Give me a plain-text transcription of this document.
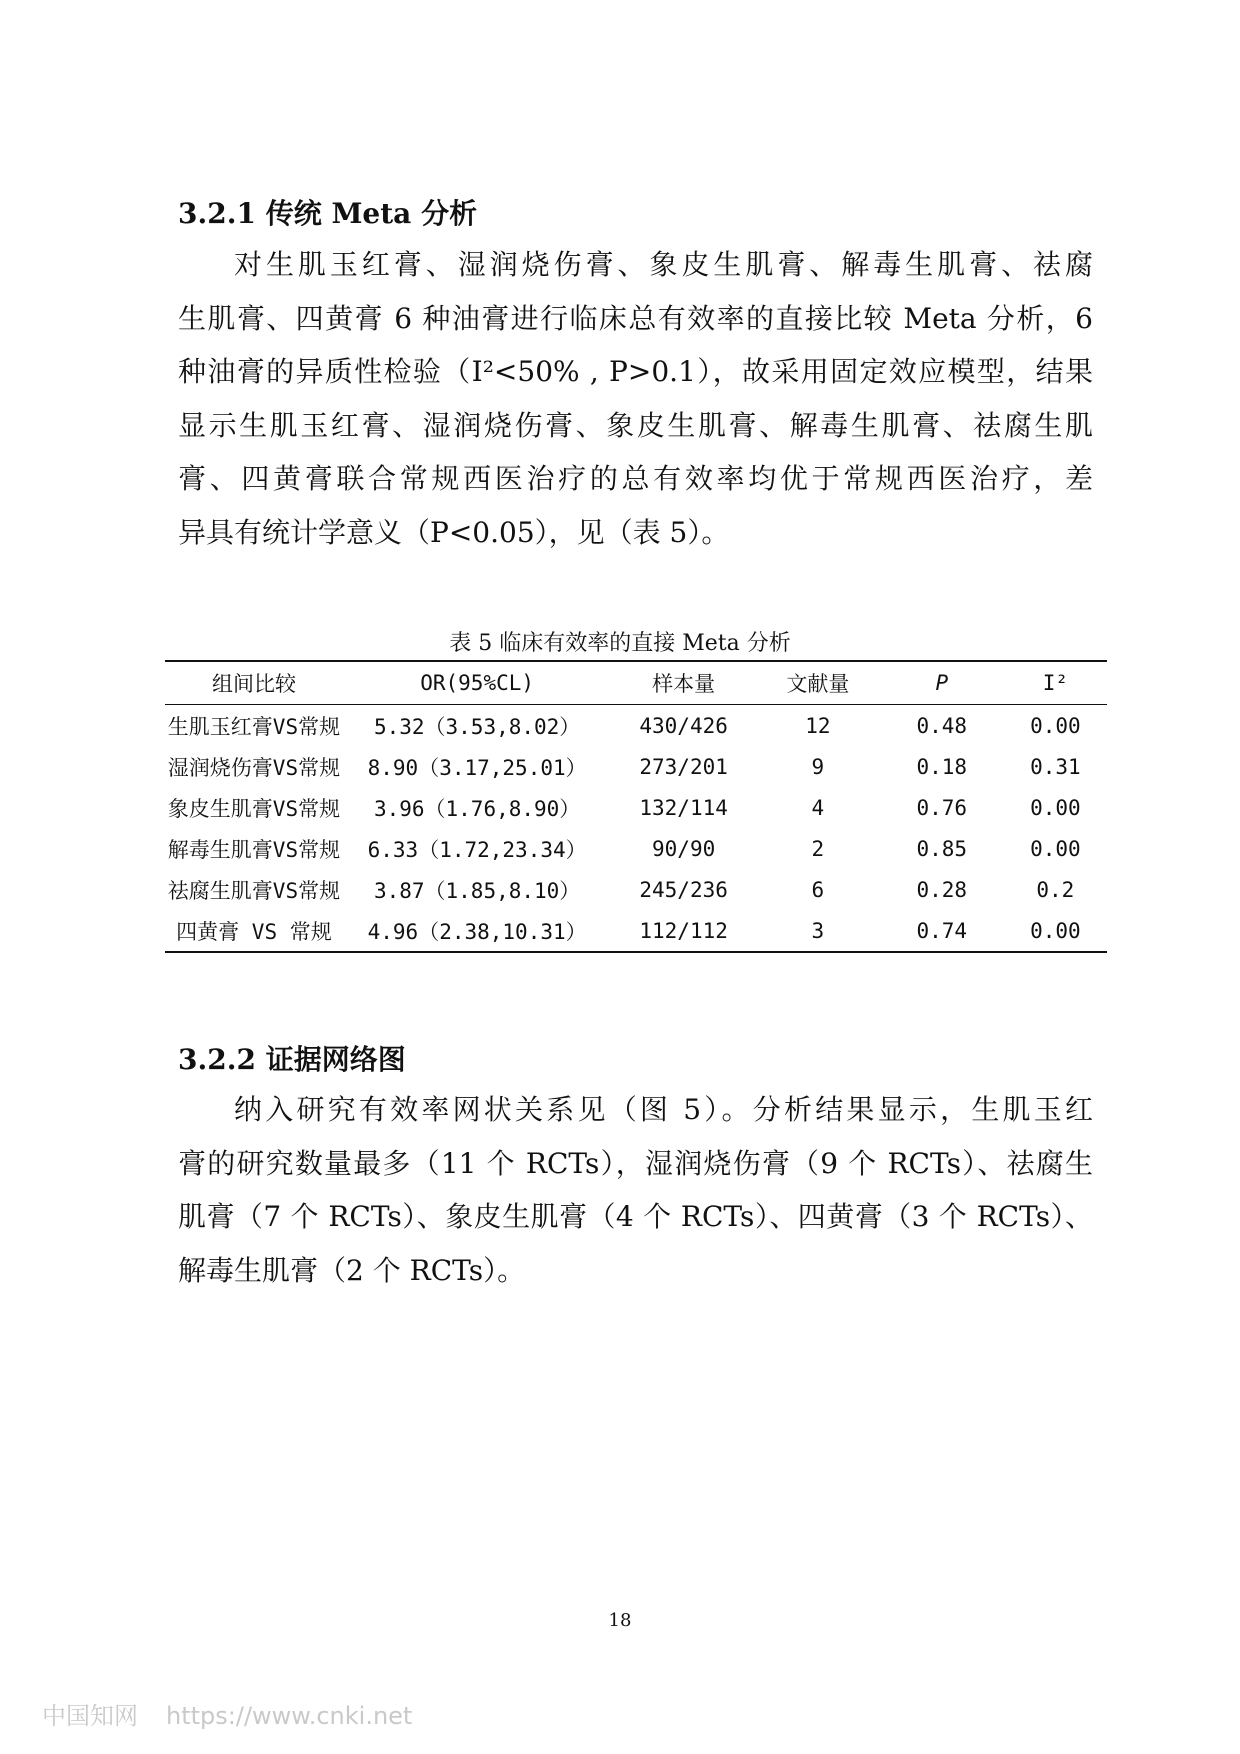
3.2.1 传统 Meta 分析
对生肌玉红膏、湿润烧伤膏、象皮生肌膏、解毒生肌膏、祛腐
生肌膏、四黄膏 6 种油膏进行临床总有效率的直接比较 Meta 分析，6
种油膏的异质性检验（I²<50% , P>0.1），故采用固定效应模型，结果
显示生肌玉红膏、湿润烧伤膏、象皮生肌膏、解毒生肌膏、祛腐生肌
膏、四黄膏联合常规西医治疗的总有效率均优于常规西医治疗，差
异具有统计学意义（P<0.05），见（表 5）。
表 5 临床有效率的直接 Meta 分析
组间比较	OR(95%CL)	样本量	文献量	P	I²
生肌玉红膏VS常规	5.32（3.53,8.02）	430/426	12	0.48	0.00
湿润烧伤膏VS常规	8.90（3.17,25.01）	273/201	9	0.18	0.31
象皮生肌膏VS常规	3.96（1.76,8.90）	132/114	4	0.76	0.00
解毒生肌膏VS常规	6.33（1.72,23.34）	90/90	2	0.85	0.00
祛腐生肌膏VS常规	3.87（1.85,8.10）	245/236	6	0.28	0.2
四黄膏 VS 常规	4.96（2.38,10.31）	112/112	3	0.74	0.00
3.2.2 证据网络图
纳入研究有效率网状关系见（图 5）。分析结果显示，生肌玉红
膏的研究数量最多（11 个 RCTs），湿润烧伤膏（9 个 RCTs）、祛腐生
肌膏（7 个 RCTs）、象皮生肌膏（4 个 RCTs）、四黄膏（3 个 RCTs）、
解毒生肌膏（2 个 RCTs）。
18
中国知网 https://www.cnki.net
